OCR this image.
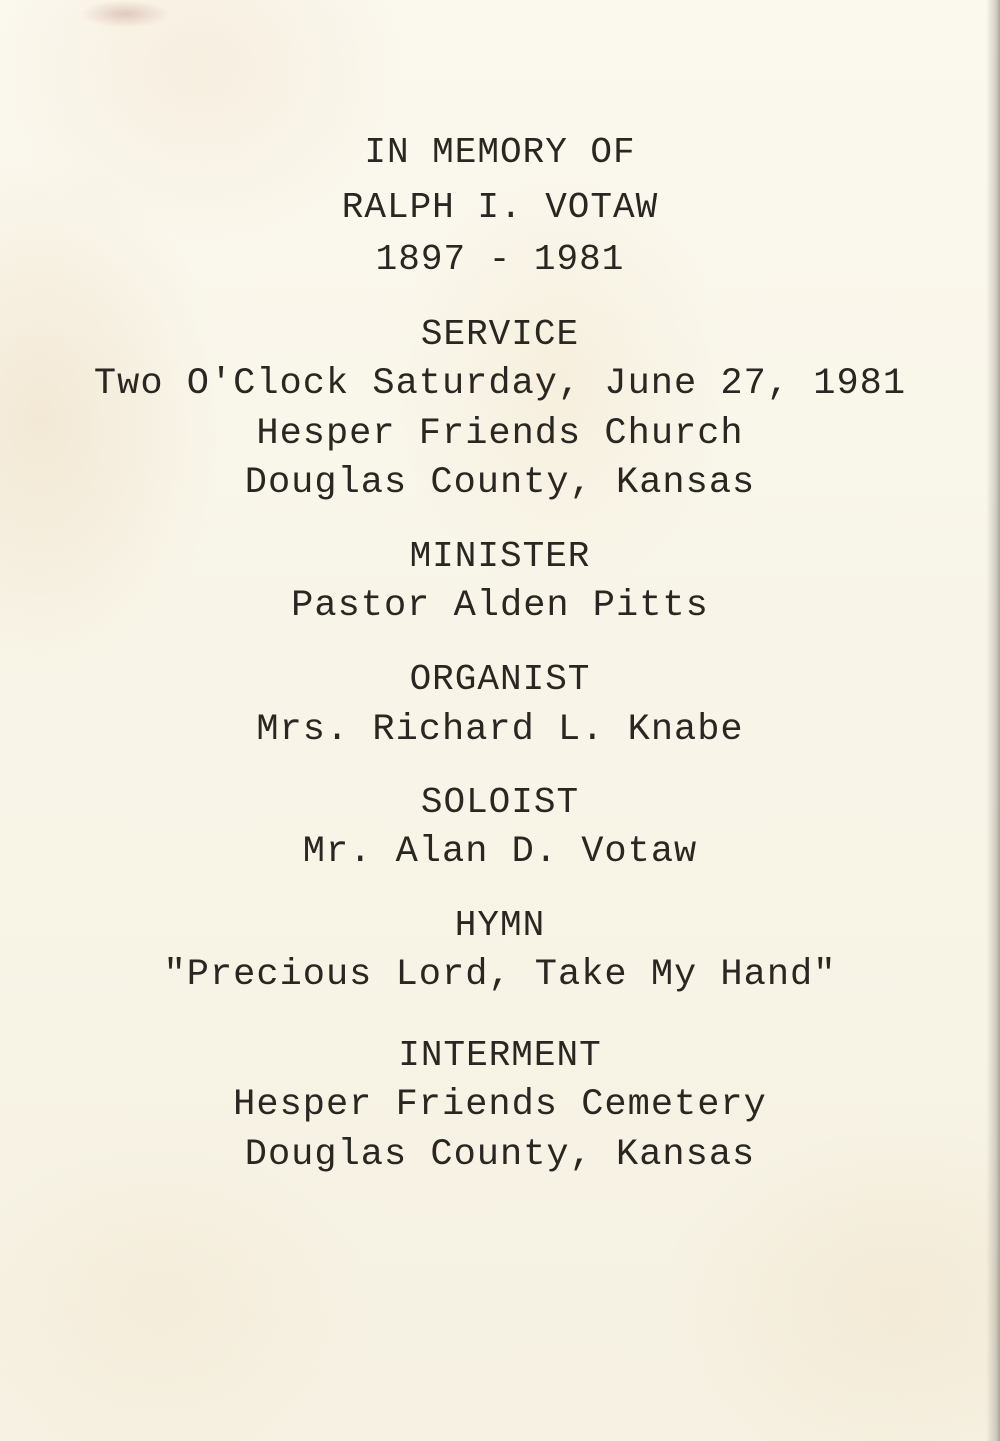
IN MEMORY OF
RALPH I. VOTAW
1897 - 1981
SERVICE
Two O'Clock Saturday, June 27, 1981
Hesper Friends Church
Douglas County, Kansas
MINISTER
Pastor Alden Pitts
ORGANIST
Mrs. Richard L. Knabe
SOLOIST
Mr. Alan D. Votaw
HYMN
"Precious Lord, Take My Hand"
INTERMENT
Hesper Friends Cemetery
Douglas County, Kansas
